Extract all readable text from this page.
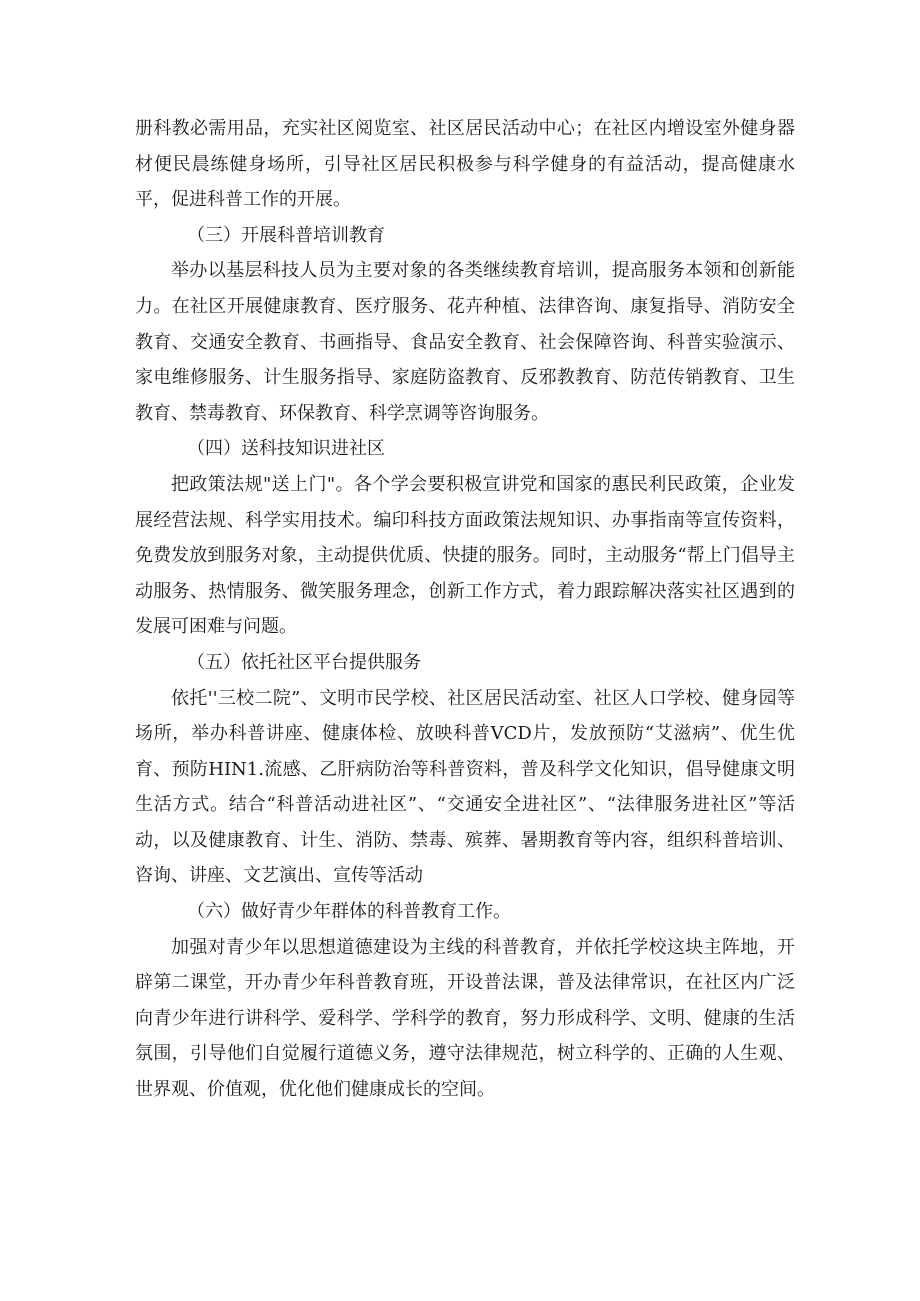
册科教必需用品，充实社区阅览室、社区居民活动中心；在社区内增设室外健身器材便民晨练健身场所，引导社区居民积极参与科学健身的有益活动，提高健康水平，促进科普工作的开展。

（三）开展科普培训教育

举办以基层科技人员为主要对象的各类继续教育培训，提高服务本领和创新能力。在社区开展健康教育、医疗服务、花卉种植、法律咨询、康复指导、消防安全教育、交通安全教育、书画指导、食品安全教育、社会保障咨询、科普实验演示、家电维修服务、计生服务指导、家庭防盗教育、反邪教教育、防范传销教育、卫生教育、禁毒教育、环保教育、科学烹调等咨询服务。

（四）送科技知识进社区

把政策法规"送上门"。各个学会要积极宣讲党和国家的惠民利民政策，企业发展经营法规、科学实用技术。编印科技方面政策法规知识、办事指南等宣传资料，免费发放到服务对象，主动提供优质、快捷的服务。同时，主动服务“帮上门倡导主动服务、热情服务、微笑服务理念，创新工作方式，着力跟踪解决落实社区遇到的发展可困难与问题。

（五）依托社区平台提供服务

依托''三校二院”、文明市民学校、社区居民活动室、社区人口学校、健身园等场所，举办科普讲座、健康体检、放映科普VCD片，发放预防“艾滋病”、优生优育、预防HIN1.流感、乙肝病防治等科普资料，普及科学文化知识，倡导健康文明生活方式。结合“科普活动进社区”、“交通安全进社区”、“法律服务进社区”等活动，以及健康教育、计生、消防、禁毒、殡葬、暑期教育等内容，组织科普培训、咨询、讲座、文艺演出、宣传等活动

（六）做好青少年群体的科普教育工作。

加强对青少年以思想道德建设为主线的科普教育，并依托学校这块主阵地，开辟第二课堂，开办青少年科普教育班，开设普法课，普及法律常识，在社区内广泛向青少年进行讲科学、爱科学、学科学的教育，努力形成科学、文明、健康的生活氛围，引导他们自觉履行道德义务，遵守法律规范，树立科学的、正确的人生观、世界观、价值观，优化他们健康成长的空间。
